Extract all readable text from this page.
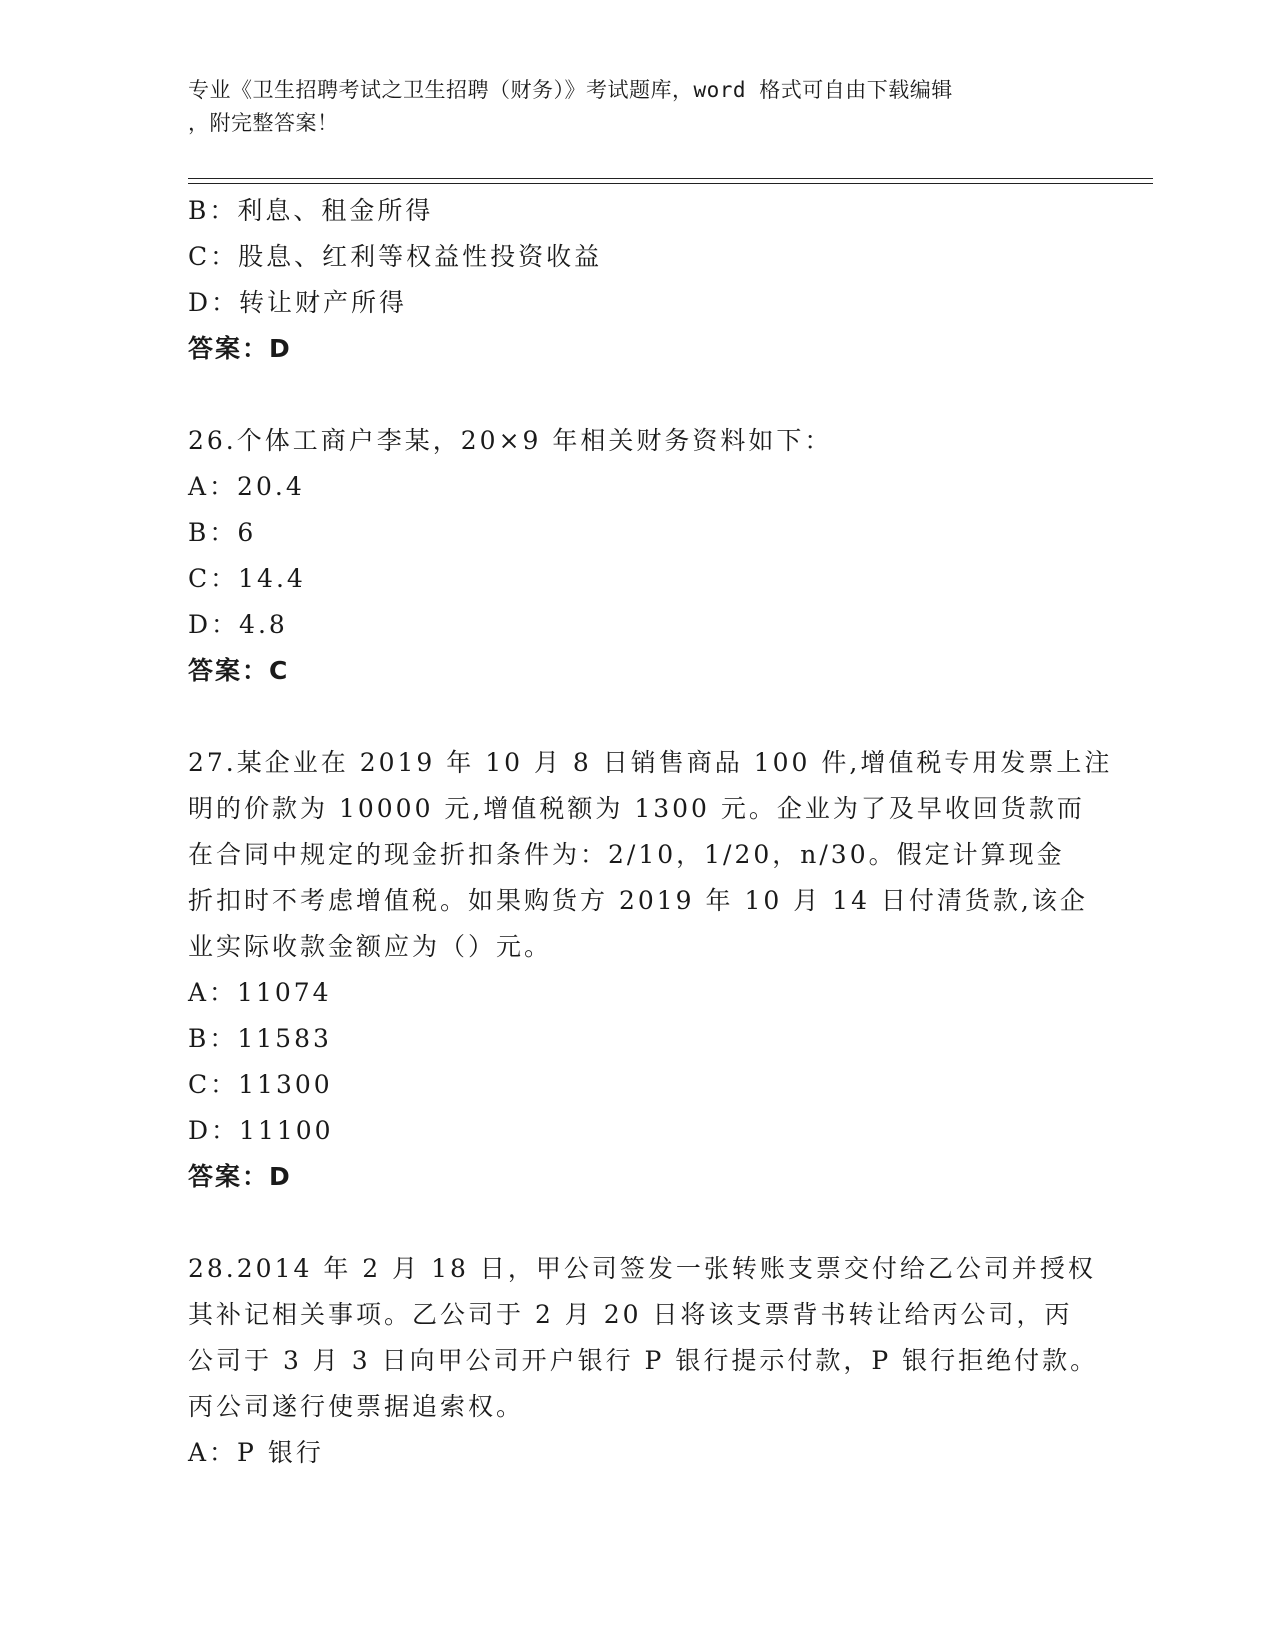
专业《卫生招聘考试之卫生招聘（财务）》考试题库，word 格式可自由下载编辑
，附完整答案！
B：利息、租金所得
C：股息、红利等权益性投资收益
D：转让财产所得
答案：D
26.个体工商户李某，20×9 年相关财务资料如下：
A：20.4
B：6
C：14.4
D：4.8
答案：C
27.某企业在 2019 年 10 月 8 日销售商品 100 件,增值税专用发票上注
明的价款为 10000 元,增值税额为 1300 元。企业为了及早收回货款而
在合同中规定的现金折扣条件为：2/10，1/20，n/30。假定计算现金
折扣时不考虑增值税。如果购货方 2019 年 10 月 14 日付清货款,该企
业实际收款金额应为（）元。
A：11074
B：11583
C：11300
D：11100
答案：D
28.2014 年 2 月 18 日，甲公司签发一张转账支票交付给乙公司并授权
其补记相关事项。乙公司于 2 月 20 日将该支票背书转让给丙公司，丙
公司于 3 月 3 日向甲公司开户银行 P 银行提示付款，P 银行拒绝付款。
丙公司遂行使票据追索权。
A：P 银行
